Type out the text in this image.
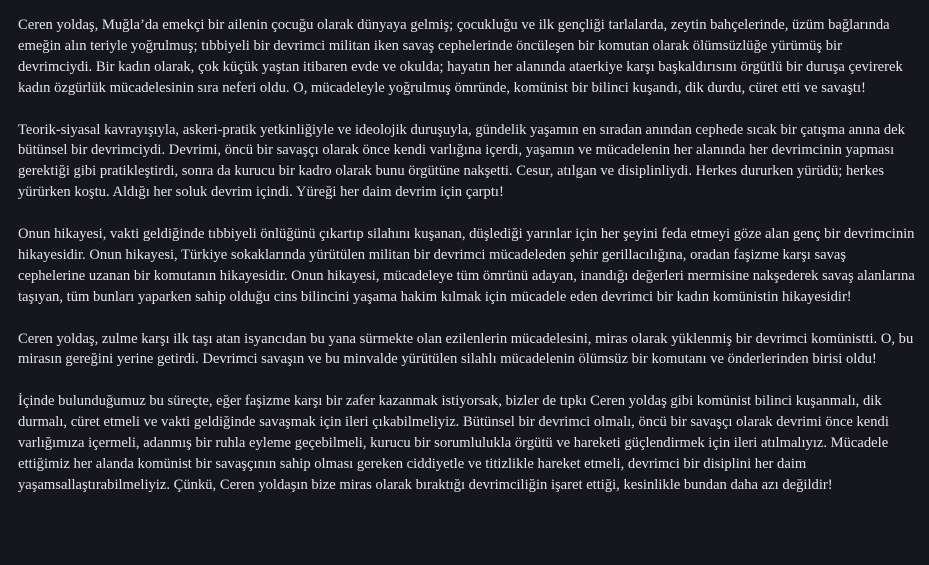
Ceren yoldaş, Muğla’da emekçi bir ailenin çocuğu olarak dünyaya gelmiş; çocukluğu ve ilk gençliği tarlalarda, zeytin bahçelerinde, üzüm bağlarında emeğin alın teriyle yoğrulmuş; tıbbiyeli bir devrimci militan iken savaş cephelerinde öncüleşen bir komutan olarak ölümsüzlüğe yürümüş bir devrimciydi. Bir kadın olarak, çok küçük yaştan itibaren evde ve okulda; hayatın her alanında ataerkiye karşı başkaldırısını örgütlü bir duruşa çevirerek kadın özgürlük mücadelesinin sıra neferi oldu. O, mücadeleyle yoğrulmuş ömründe, komünist bir bilinci kuşandı, dik durdu, cüret etti ve savaştı!

Teorik-siyasal kavrayışıyla, askeri-pratik yetkinliğiyle ve ideolojik duruşuyla, gündelik yaşamın en sıradan anından cephede sıcak bir çatışma anına dek bütünsel bir devrimciydi. Devrimi, öncü bir savaşçı olarak önce kendi varlığına içerdi, yaşamın ve mücadelenin her alanında her devrimcinin yapması gerektiği gibi pratikleştirdi, sonra da kurucu bir kadro olarak bunu örgütüne nakşetti. Cesur, atılgan ve disiplinliydi. Herkes dururken yürüdü; herkes yürürken koştu. Aldığı her soluk devrim içindi. Yüreği her daim devrim için çarptı!

Onun hikayesi, vakti geldiğinde tıbbiyeli önlüğünü çıkartıp silahını kuşanan, düşlediği yarınlar için her şeyini feda etmeyi göze alan genç bir devrimcinin hikayesidir. Onun hikayesi, Türkiye sokaklarında yürütülen militan bir devrimci mücadeleden şehir gerillacılığına, oradan faşizme karşı savaş cephelerine uzanan bir komutanın hikayesidir. Onun hikayesi, mücadeleye tüm ömrünü adayan, inandığı değerleri mermisine nakşederek savaş alanlarına taşıyan, tüm bunları yaparken sahip olduğu cins bilincini yaşama hakim kılmak için mücadele eden devrimci bir kadın komünistin hikayesidir!

Ceren yoldaş, zulme karşı ilk taşı atan isyancıdan bu yana sürmekte olan ezilenlerin mücadelesini, miras olarak yüklenmiş bir devrimci komünistti. O, bu mirasın gereğini yerine getirdi. Devrimci savaşın ve bu minvalde yürütülen silahlı mücadelenin ölümsüz bir komutanı ve önderlerinden birisi oldu!

İçinde bulunduğumuz bu süreçte, eğer faşizme karşı bir zafer kazanmak istiyorsak, bizler de tıpkı Ceren yoldaş gibi komünist bilinci kuşanmalı, dik durmalı, cüret etmeli ve vakti geldiğinde savaşmak için ileri çıkabilmeliyiz. Bütünsel bir devrimci olmalı, öncü bir savaşçı olarak devrimi önce kendi varlığımıza içermeli, adanmış bir ruhla eyleme geçebilmeli, kurucu bir sorumlulukla örgütü ve hareketi güçlendirmek için ileri atılmalıyız. Mücadele ettiğimiz her alanda komünist bir savaşçının sahip olması gereken ciddiyetle ve titizlikle hareket etmeli, devrimci bir disiplini her daim yaşamsallaştırabilmeliyiz. Çünkü, Ceren yoldaşın bize miras olarak bıraktığı devrimciliğin işaret ettiği, kesinlikle bundan daha azı değildir!
